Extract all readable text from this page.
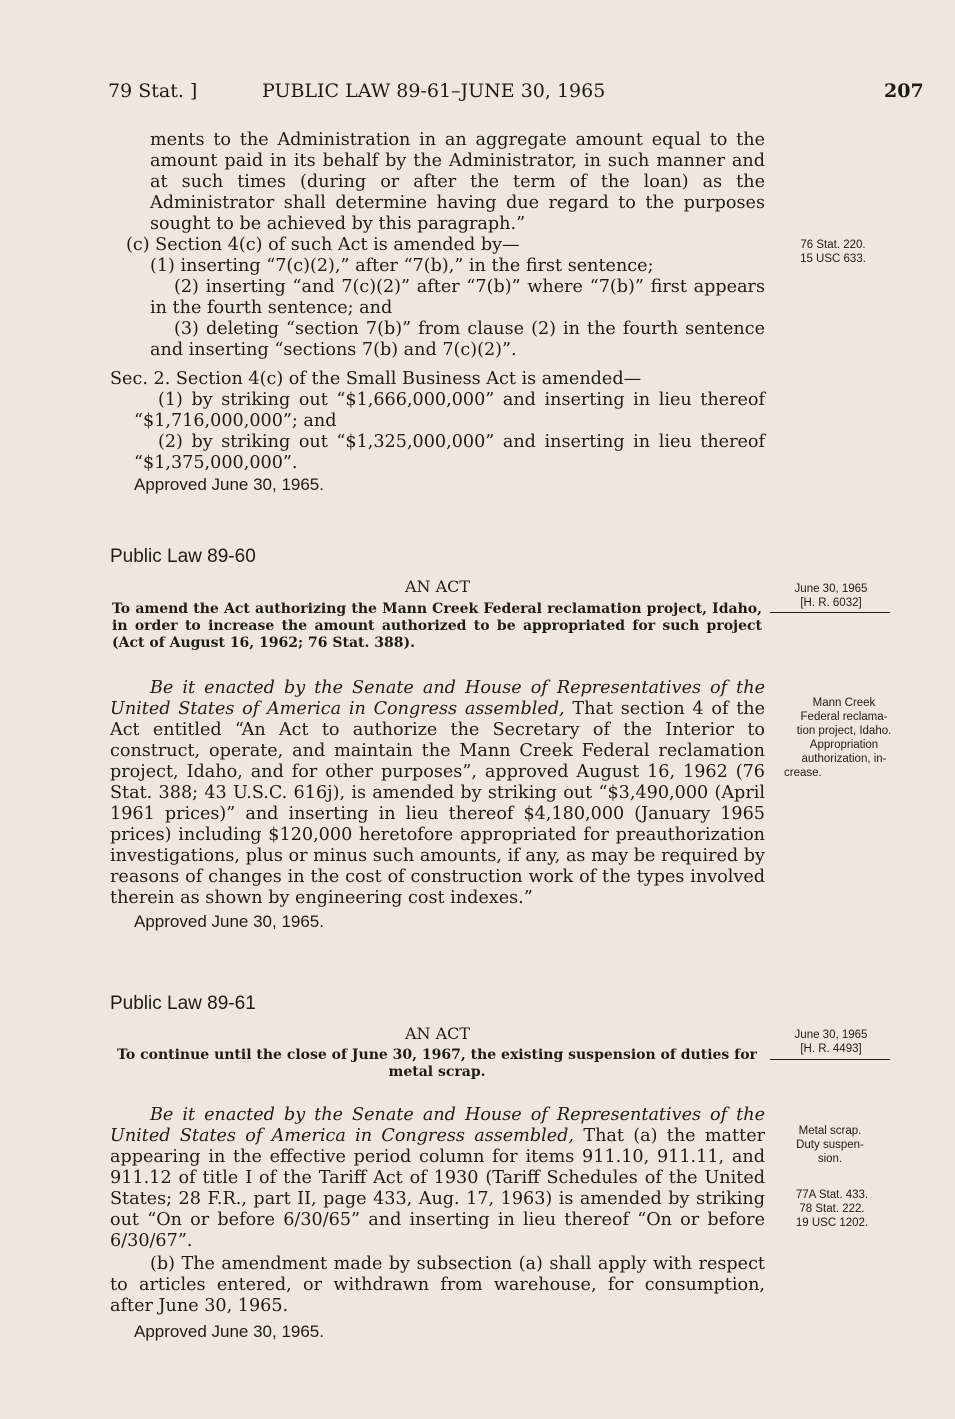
79 Stat. ]	PUBLIC LAW 89-61–JUNE 30, 1965	207

ments to the Administration in an aggregate amount equal to the amount paid in its behalf by the Administrator, in such manner and at such times (during or after the term of the loan) as the Administrator shall determine having due regard to the purposes sought to be achieved by this paragraph.”

(c) Section 4(c) of such Act is amended by—

(1) inserting “7(c)(2),” after “7(b),” in the first sentence;

(2) inserting “and 7(c)(2)” after “7(b)” where “7(b)” first appears in the fourth sentence; and

(3) deleting “section 7(b)” from clause (2) in the fourth sentence and inserting “sections 7(b) and 7(c)(2)”.

Sec. 2. Section 4(c) of the Small Business Act is amended—

(1) by striking out “$1,666,000,000” and inserting in lieu thereof “$1,716,000,000”; and

(2) by striking out “$1,325,000,000” and inserting in lieu thereof “$1,375,000,000”.

Approved June 30, 1965.

Public Law 89-60
AN ACT
To amend the Act authorizing the Mann Creek Federal reclamation project, Idaho, in order to increase the amount authorized to be appropriated for such project (Act of August 16, 1962; 76 Stat. 388).

Be it enacted by the Senate and House of Representatives of the United States of America in Congress assembled, That section 4 of the Act entitled “An Act to authorize the Secretary of the Interior to construct, operate, and maintain the Mann Creek Federal reclamation project, Idaho, and for other purposes”, approved August 16, 1962 (76 Stat. 388; 43 U.S.C. 616j), is amended by striking out “$3,490,000 (April 1961 prices)” and inserting in lieu thereof $4,180,000 (January 1965 prices) including $120,000 heretofore appropriated for preauthorization investigations, plus or minus such amounts, if any, as may be required by reasons of changes in the cost of construction work of the types involved therein as shown by engineering cost indexes.”

Approved June 30, 1965.

Public Law 89-61
AN ACT
To continue until the close of June 30, 1967, the existing suspension of duties for metal scrap.

Be it enacted by the Senate and House of Representatives of the United States of America in Congress assembled, That (a) the matter appearing in the effective period column for items 911.10, 911.11, and 911.12 of title I of the Tariff Act of 1930 (Tariff Schedules of the United States; 28 F.R., part II, page 433, Aug. 17, 1963) is amended by striking out “On or before 6/30/65” and inserting in lieu thereof “On or before 6/30/67”.

(b) The amendment made by subsection (a) shall apply with respect to articles entered, or withdrawn from warehouse, for consumption, after June 30, 1965.

Approved June 30, 1965.

76 Stat. 220.
15 USC 633.
June 30, 1965
[H. R. 6032]
Mann Creek
Federal reclama-
tion project, Idaho.
Appropriation
authorization, in-
crease.
June 30, 1965
[H. R. 4493]
Metal scrap.
Duty suspen-
sion.
77A Stat. 433.
78 Stat. 222.
19 USC 1202.
